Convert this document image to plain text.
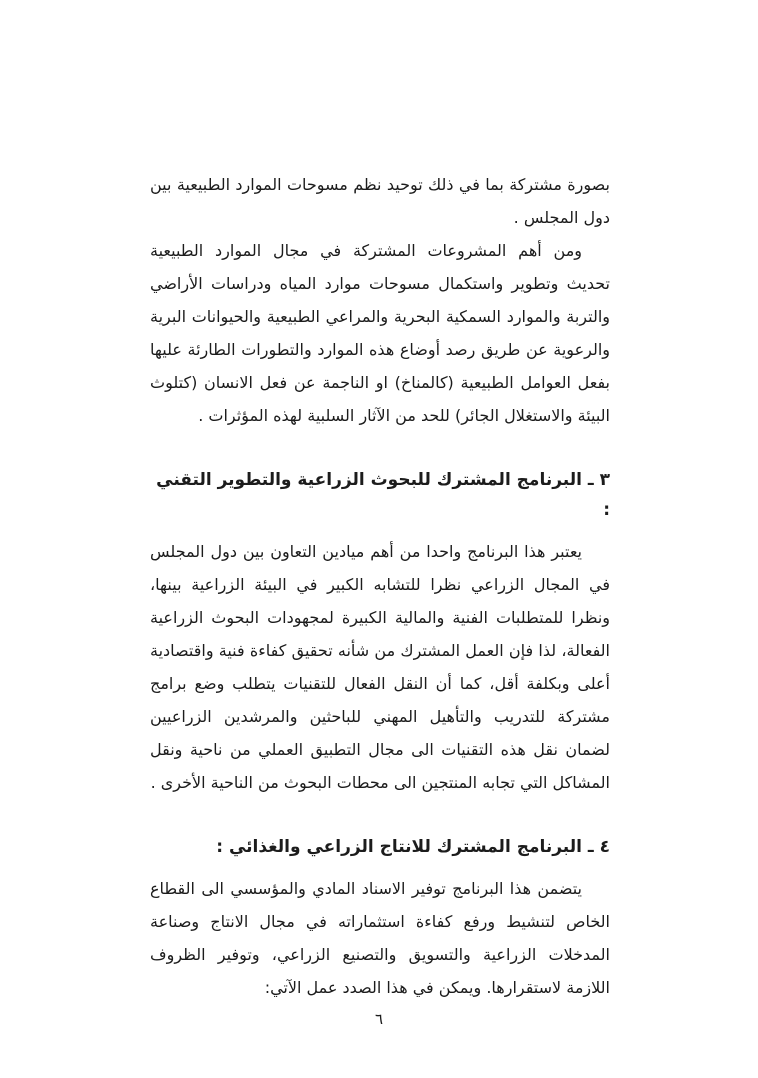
بصورة مشتركة بما في ذلك توحيد نظم مسوحات الموارد الطبيعية بين دول المجلس .

ومن أهم المشروعات المشتركة في مجال الموارد الطبيعية تحديث وتطوير واستكمال مسوحات موارد المياه ودراسات الأراضي والتربة والموارد السمكية البحرية والمراعي الطبيعية والحيوانات البرية والرعوية عن طريق رصد أوضاع هذه الموارد والتطورات الطارئة عليها بفعل العوامل الطبيعية (كالمناخ) او الناجمة عن فعل الانسان (كتلوث البيئة والاستغلال الجائر) للحد من الآثار السلبية لهذه المؤثرات .

٣ ـ البرنامج المشترك للبحوث الزراعية والتطوير التقني :

يعتبر هذا البرنامج واحدا من أهم ميادين التعاون بين دول المجلس في المجال الزراعي نظرا للتشابه الكبير في البيئة الزراعية بينها، ونظرا للمتطلبات الفنية والمالية الكبيرة لمجهودات البحوث الزراعية الفعالة، لذا فإن العمل المشترك من شأنه تحقيق كفاءة فنية واقتصادية أعلى وبكلفة أقل، كما أن النقل الفعال للتقنيات يتطلب وضع برامج مشتركة للتدريب والتأهيل المهني للباحثين والمرشدين الزراعيين لضمان نقل هذه التقنيات الى مجال التطبيق العملي من ناحية ونقل المشاكل التي تجابه المنتجين الى محطات البحوث من الناحية الأخرى .

٤ ـ البرنامج المشترك للانتاج الزراعي والغذائي :

يتضمن هذا البرنامج توفير الاسناد المادي والمؤسسي الى القطاع الخاص لتنشيط ورفع كفاءة استثماراته في مجال الانتاج وصناعة المدخلات الزراعية والتسويق والتصنيع الزراعي، وتوفير الظروف اللازمة لاستقرارها. ويمكن في هذا الصدد عمل الآتي:

٦
